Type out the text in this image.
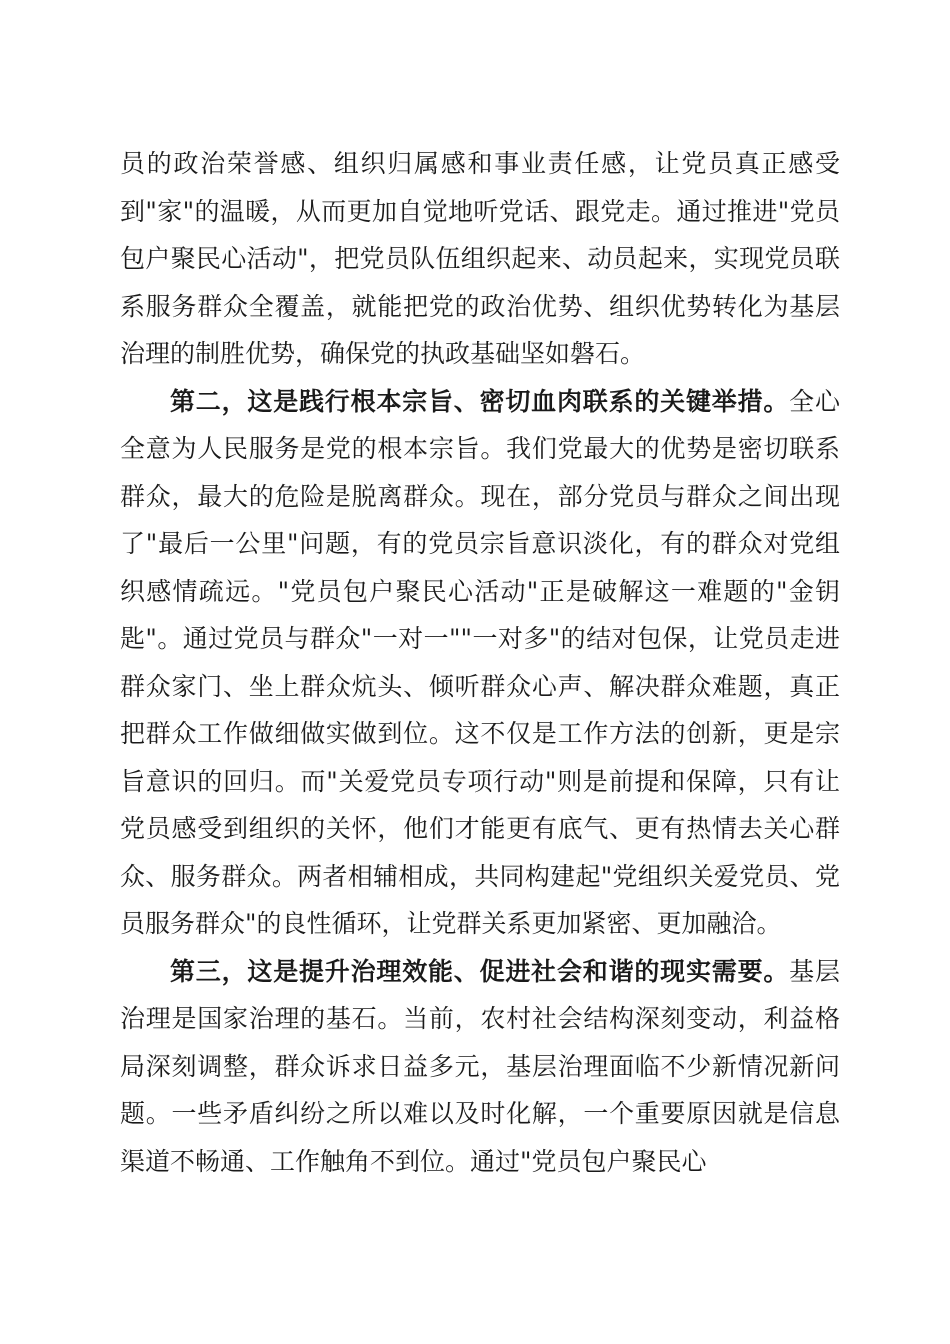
员的政治荣誉感、组织归属感和事业责任感，让党员真正感受到"家"的温暖，从而更加自觉地听党话、跟党走。通过推进"党员包户聚民心活动"，把党员队伍组织起来、动员起来，实现党员联系服务群众全覆盖，就能把党的政治优势、组织优势转化为基层治理的制胜优势，确保党的执政基础坚如磐石。

第二，这是践行根本宗旨、密切血肉联系的关键举措。全心全意为人民服务是党的根本宗旨。我们党最大的优势是密切联系群众，最大的危险是脱离群众。现在，部分党员与群众之间出现了"最后一公里"问题，有的党员宗旨意识淡化，有的群众对党组织感情疏远。"党员包户聚民心活动"正是破解这一难题的"金钥匙"。通过党员与群众"一对一""一对多"的结对包保，让党员走进群众家门、坐上群众炕头、倾听群众心声、解决群众难题，真正把群众工作做细做实做到位。这不仅是工作方法的创新，更是宗旨意识的回归。而"关爱党员专项行动"则是前提和保障，只有让党员感受到组织的关怀，他们才能更有底气、更有热情去关心群众、服务群众。两者相辅相成，共同构建起"党组织关爱党员、党员服务群众"的良性循环，让党群关系更加紧密、更加融洽。

第三，这是提升治理效能、促进社会和谐的现实需要。基层治理是国家治理的基石。当前，农村社会结构深刻变动，利益格局深刻调整，群众诉求日益多元，基层治理面临不少新情况新问题。一些矛盾纠纷之所以难以及时化解，一个重要原因就是信息渠道不畅通、工作触角不到位。通过"党员包户聚民心
